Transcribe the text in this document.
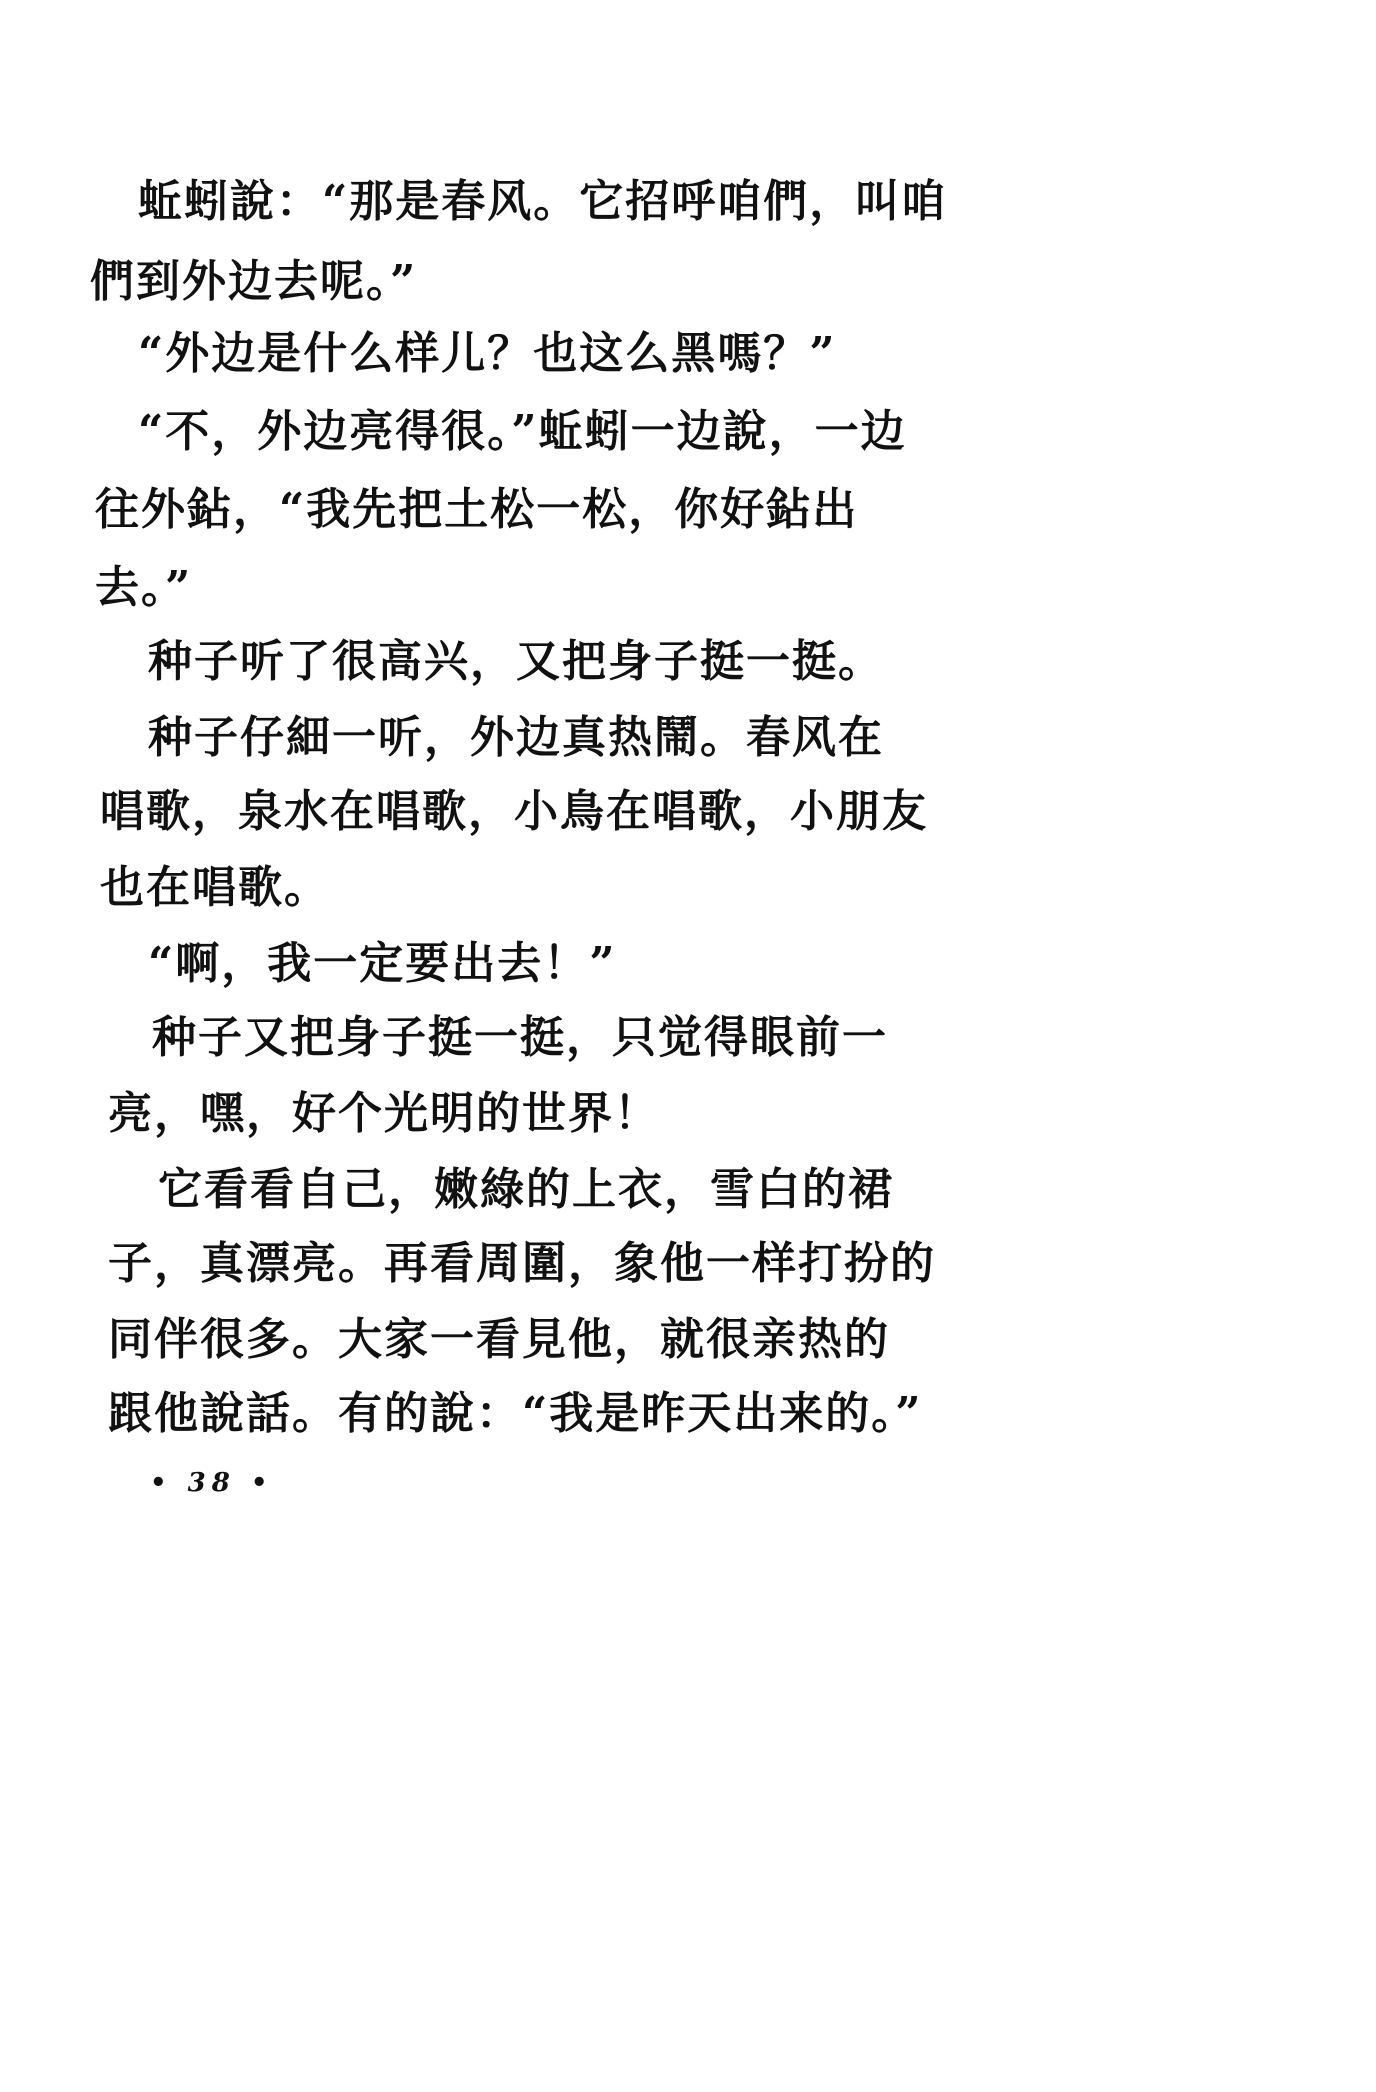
蚯蚓說：“那是春风。它招呼咱們，叫咱
們到外边去呢。”
“外边是什么样儿？也这么黑嗎？”
“不，外边亮得很。”蚯蚓一边說，一边
往外鉆，“我先把土松一松，你好鉆出
去。”
种子听了很高兴，又把身子挺一挺。
种子仔細一听，外边真热鬧。春风在
唱歌，泉水在唱歌，小鳥在唱歌，小朋友
也在唱歌。
“啊，我一定要出去！”
种子又把身子挺一挺，只觉得眼前一
亮，嘿，好个光明的世界！
它看看自己，嫩綠的上衣，雪白的裙
子，真漂亮。再看周圍，象他一样打扮的
同伴很多。大家一看見他，就很亲热的
跟他說話。有的說：“我是昨天出来的。”
• 38 •
